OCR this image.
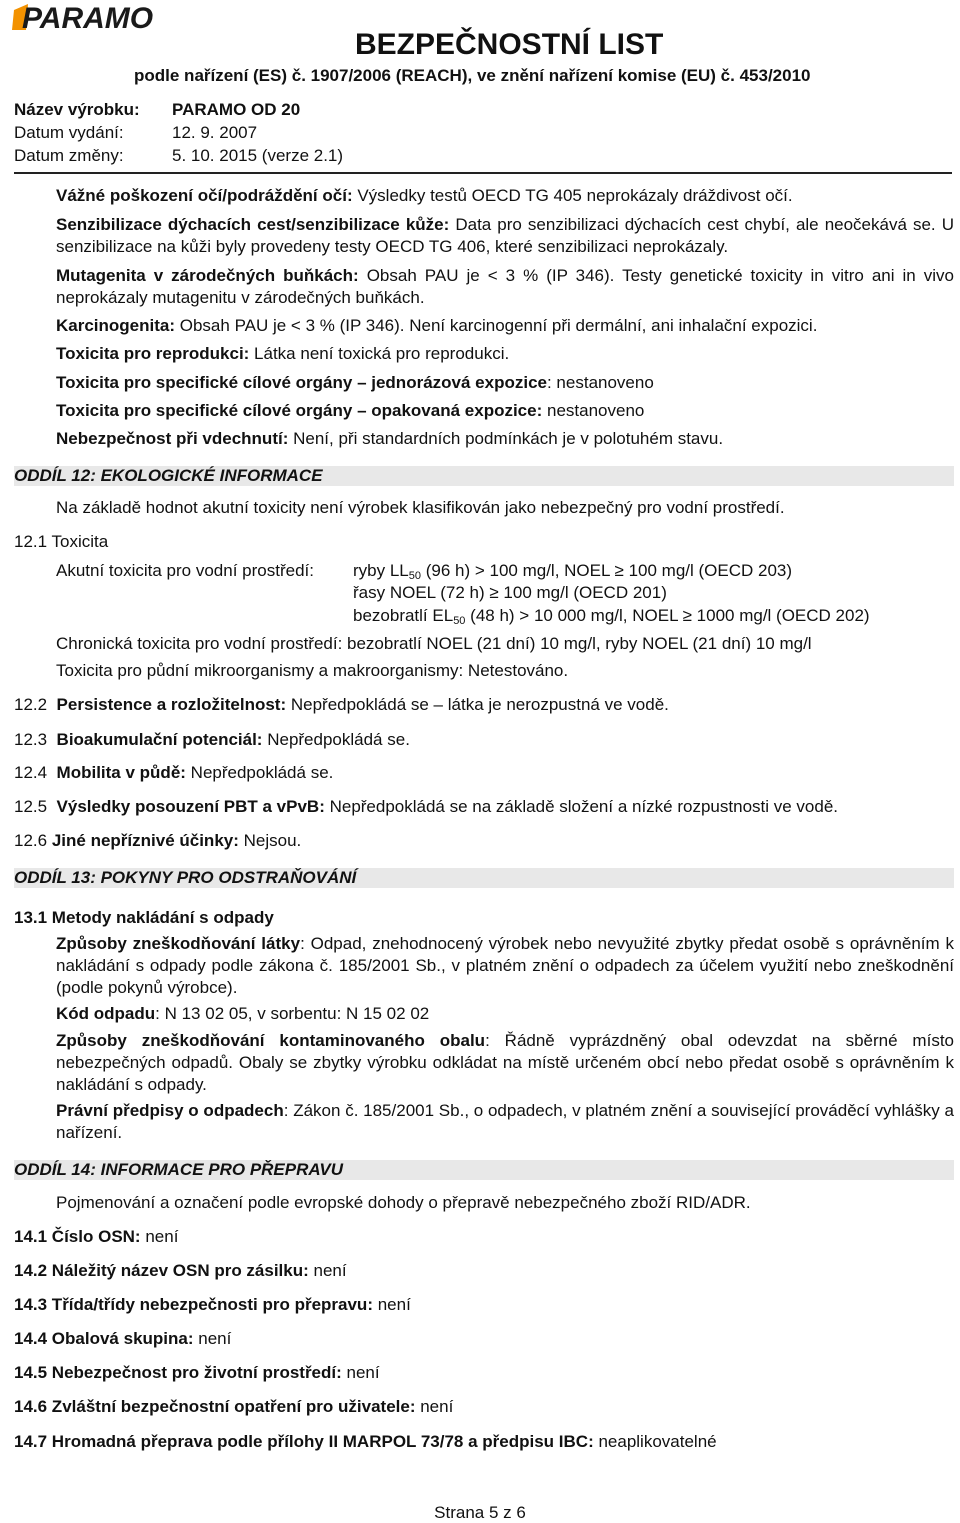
PARAMO
BEZPEČNOSTNÍ LIST
podle nařízení (ES) č. 1907/2006 (REACH), ve znění nařízení komise (EU) č. 453/2010
Název výrobku: PARAMO OD 20
Datum vydání:	12. 9. 2007
Datum změny:	5. 10. 2015 (verze 2.1)
Vážné poškození očí/podráždění očí: Výsledky testů OECD TG 405 neprokázaly dráždivost očí.
Senzibilizace dýchacích cest/senzibilizace kůže: Data pro senzibilizaci dýchacích cest chybí, ale neočekává se. U senzibilizace na kůži byly provedeny testy OECD TG 406, které senzibilizaci neprokázaly.
Mutagenita v zárodečných buňkách: Obsah PAU je < 3 % (IP 346). Testy genetické toxicity in vitro ani in vivo neprokázaly mutagenitu v zárodečných buňkách.
Karcinogenita: Obsah PAU je < 3 % (IP 346). Není karcinogenní při dermální, ani inhalační expozici.
Toxicita pro reprodukci: Látka není toxická pro reprodukci.
Toxicita pro specifické cílové orgány – jednorázová expozice: nestanoveno
Toxicita pro specifické cílové orgány – opakovaná expozice: nestanoveno
Nebezpečnost při vdechnutí: Není, při standardních podmínkách je v polotuhém stavu.
ODDÍL 12: EKOLOGICKÉ INFORMACE
Na základě hodnot akutní toxicity není výrobek klasifikován jako nebezpečný pro vodní prostředí.
12.1 Toxicita
Akutní toxicita pro vodní prostředí: ryby $LL_{50}$ (96 h) > 100 mg/l, NOEL ≥ 100 mg/l (OECD 203)
řasy NOEL (72 h) ≥ 100 mg/l (OECD 201)
bezobratlí $EL_{50}$ (48 h) > 10 000 mg/l, NOEL ≥ 1000 mg/l (OECD 202)
Chronická toxicita pro vodní prostředí: bezobratlí NOEL (21 dní) 10 mg/l, ryby NOEL (21 dní) 10 mg/l
Toxicita pro půdní mikroorganismy a makroorganismy: Netestováno.
12.2 Persistence a rozložitelnost: Nepředpokládá se – látka je nerozpustná ve vodě.
12.3 Bioakumulační potenciál: Nepředpokládá se.
12.4 Mobilita v půdě: Nepředpokládá se.
12.5 Výsledky posouzení PBT a vPvB: Nepředpokládá se na základě složení a nízké rozpustnosti ve vodě.
12.6 Jiné nepříznivé účinky: Nejsou.
ODDÍL 13: POKYNY PRO ODSTRAŇOVÁNÍ
13.1 Metody nakládání s odpady
Způsoby zneškodňování látky: Odpad, znehodnocený výrobek nebo nevyužité zbytky předat osobě s oprávněním k nakládání s odpady podle zákona č. 185/2001 Sb., v platném znění o odpadech za účelem využití nebo zneškodnění (podle pokynů výrobce).
Kód odpadu: N 13 02 05, v sorbentu: N 15 02 02
Způsoby zneškodňování kontaminovaného obalu: Řádně vyprázdněný obal odevzdat na sběrné místo nebezpečných odpadů. Obaly se zbytky výrobku odkládat na místě určeném obcí nebo předat osobě s oprávněním k nakládání s odpady.
Právní předpisy o odpadech: Zákon č. 185/2001 Sb., o odpadech, v platném znění a související prováděcí vyhlášky a nařízení.
ODDÍL 14: INFORMACE PRO PŘEPRAVU
Pojmenování a označení podle evropské dohody o přepravě nebezpečného zboží RID/ADR.
14.1 Číslo OSN: není
14.2 Náležitý název OSN pro zásilku: není
14.3 Třída/třídy nebezpečnosti pro přepravu: není
14.4 Obalová skupina: není
14.5 Nebezpečnost pro životní prostředí: není
14.6 Zvláštní bezpečnostní opatření pro uživatele: není
14.7 Hromadná přeprava podle přílohy II MARPOL 73/78 a předpisu IBC: neaplikovatelné
Strana 5 z 6
